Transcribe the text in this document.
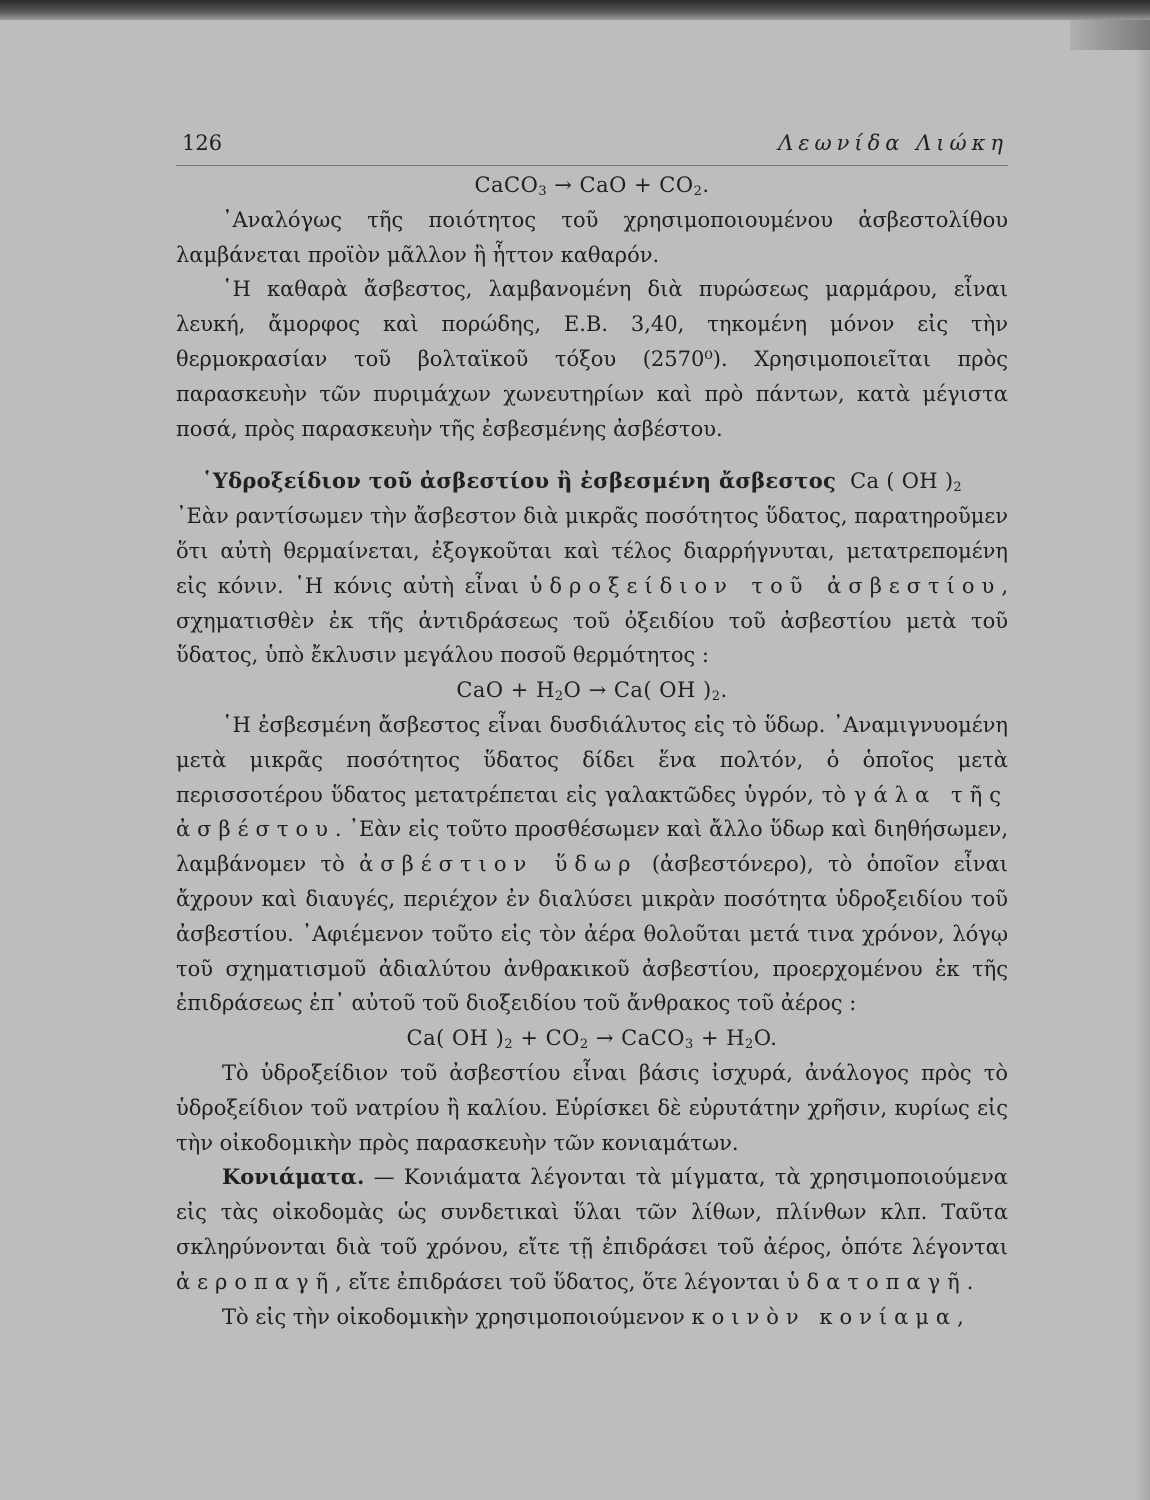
126	Λεωνίδα Λιώκη
CaCO$_3$ → CaO + $CO_2$.

᾿Αναλόγως τῆς ποιότητος τοῦ χρησιμοποιουμένου ἀσβεστολίθου λαμβάνεται προϊὸν μᾶλλον ἢ ἧττον καθαρόν.

῾Η καθαρὰ ἄσβεστος, λαμβανομένη διὰ πυρώσεως μαρμάρου, εἶναι λευκή, ἄμορφος καὶ πορώδης, Ε.Β. 3,40, τηκομένη μόνον εἰς τὴν θερμοκρασίαν τοῦ βολταϊκοῦ τόξου (2570⁰). Χρησιμοποιεῖται πρὸς παρασκευὴν τῶν πυριμάχων χωνευτηρίων καὶ πρὸ πάντων, κατὰ μέγιστα ποσά, πρὸς παρασκευὴν τῆς ἐσβεσμένης ἀσβέστου.

῾Υδροξείδιον τοῦ ἀσβεστίου ἢ ἐσβεσμένη ἄσβεστος Ca ( OH )$_2$

᾿Εὰν ραντίσωμεν τὴν ἄσβεστον διὰ μικρᾶς ποσότητος ὕδατος, παρατηροῦμεν ὅτι αὐτὴ θερμαίνεται, ἐξογκοῦται καὶ τέλος διαρρήγνυται, μετατρεπομένη εἰς κόνιν. ῾Η κόνις αὐτὴ εἶναι ὑδροξείδιον τοῦ ἀσβεστίου, σχηματισθὲν ἐκ τῆς ἀντιδράσεως τοῦ ὀξειδίου τοῦ ἀσβεστίου μετὰ τοῦ ὕδατος, ὑπὸ ἔκλυσιν μεγάλου ποσοῦ θερμότητος :

CaO + $H_2O \to Ca$( OH )$_2$.

῾Η ἐσβεσμένη ἄσβεστος εἶναι δυσδιάλυτος εἰς τὸ ὕδωρ. ᾿Αναμιγνυομένη μετὰ μικρᾶς ποσότητος ὕδατος δίδει ἕνα πολτόν, ὁ ὁποῖος μετὰ περισσοτέρου ὕδατος μετατρέπεται εἰς γαλακτῶδες ὑγρόν, τὸ γάλα τῆς ἀσβέστου. ᾿Εὰν εἰς τοῦτο προσθέσωμεν καὶ ἄλλο ὕδωρ καὶ διηθήσωμεν, λαμβάνομεν τὸ ἀσβέστιον ὕδωρ (ἀσβεστόνερο), τὸ ὁποῖον εἶναι ἄχρουν καὶ διαυγές, περιέχον ἐν διαλύσει μικρὰν ποσότητα ὑδροξειδίου τοῦ ἀσβεστίου. ᾿Αφιέμενον τοῦτο εἰς τὸν ἀέρα θολοῦται μετά τινα χρόνον, λόγῳ τοῦ σχηματισμοῦ ἀδιαλύτου ἀνθρακικοῦ ἀσβεστίου, προερχομένου ἐκ τῆς ἐπιδράσεως ἐπ᾿ αὐτοῦ τοῦ διοξειδίου τοῦ ἄνθρακος τοῦ ἀέρος :

Ca( OH )$_2 + CO_2$ → CaCO$_3$ + $H_2O$.

Τὸ ὑδροξείδιον τοῦ ἀσβεστίου εἶναι βάσις ἰσχυρά, ἀνάλογος πρὸς τὸ ὑδροξείδιον τοῦ νατρίου ἢ καλίου. Εὑρίσκει δὲ εὐρυτάτην χρῆσιν, κυρίως εἰς τὴν οἰκοδομικὴν πρὸς παρασκευὴν τῶν κονιαμάτων.

Κονιάματα. — Κονιάματα λέγονται τὰ μίγματα, τὰ χρησιμοποιούμενα εἰς τὰς οἰκοδομὰς ὡς συνδετικαὶ ὕλαι τῶν λίθων, πλίνθων κλπ. Ταῦτα σκληρύνονται διὰ τοῦ χρόνου, εἴτε τῇ ἐπιδράσει τοῦ ἀέρος, ὁπότε λέγονται ἀεροπαγῆ, εἴτε ἐπιδράσει τοῦ ὕδατος, ὅτε λέγονται ὑδατοπαγῆ.

Τὸ εἰς τὴν οἰκοδομικὴν χρησιμοποιούμενον κοινὸν κονίαμα,
